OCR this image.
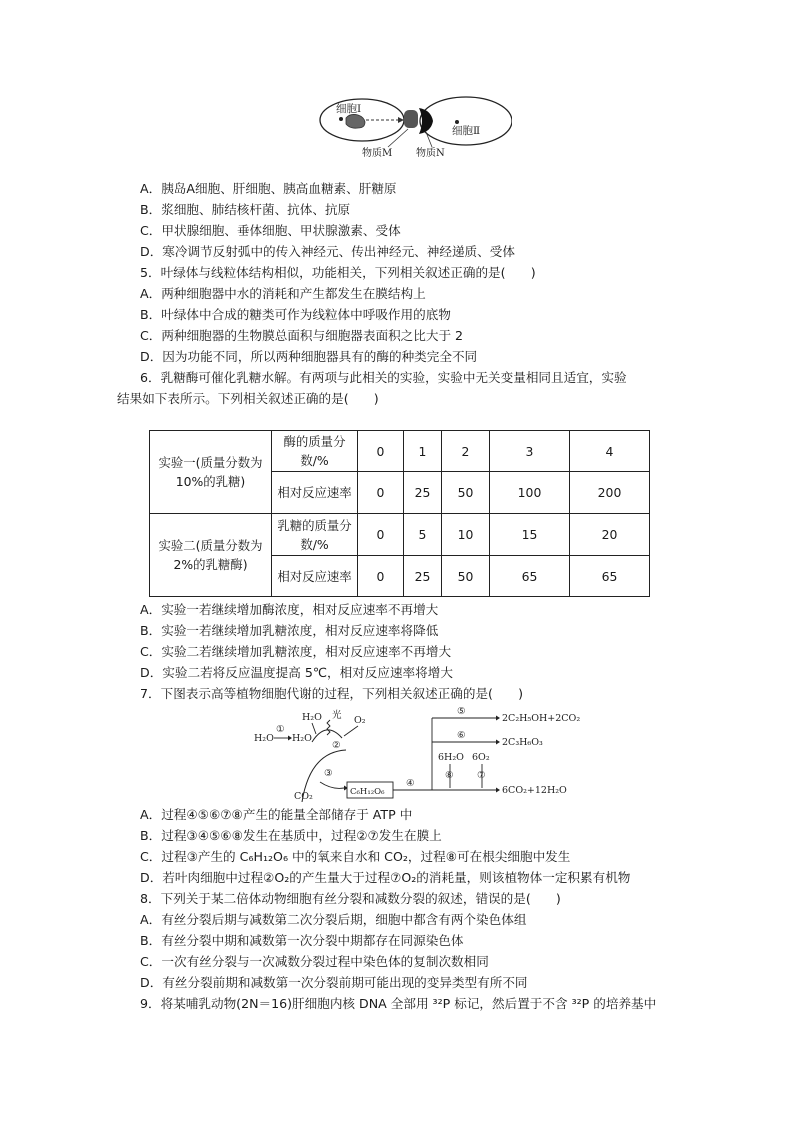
细胞Ⅰ
细胞Ⅱ
物质M 物质N
A．胰岛A细胞、肝细胞、胰高血糖素、肝糖原
B．浆细胞、肺结核杆菌、抗体、抗原
C．甲状腺细胞、垂体细胞、甲状腺激素、受体
D．寒冷调节反射弧中的传入神经元、传出神经元、神经递质、受体
5．叶绿体与线粒体结构相似，功能相关，下列相关叙述正确的是(　　)
A．两种细胞器中水的消耗和产生都发生在膜结构上
B．叶绿体中合成的糖类可作为线粒体中呼吸作用的底物
C．两种细胞器的生物膜总面积与细胞器表面积之比大于 2
D．因为功能不同，所以两种细胞器具有的酶的种类完全不同
6．乳糖酶可催化乳糖水解。有两项与此相关的实验，实验中无关变量相同且适宜，实验
结果如下表所示。下列相关叙述正确的是(　　)
实验一(质量分数为 10%的乳糖)	酶的质量分数/%	0	1	2	3	4
	相对反应速率	0	25	50	100	200
实验二(质量分数为 2%的乳糖酶)	乳糖的质量分数/%	0	5	10	15	20
	相对反应速率	0	25	50	65	65
A．实验一若继续增加酶浓度，相对反应速率不再增大
B．实验一若继续增加乳糖浓度，相对反应速率将降低
C．实验二若继续增加乳糖浓度，相对反应速率不再增大
D．实验二若将反应温度提高 5℃，相对反应速率将增大
7．下图表示高等植物细胞代谢的过程，下列相关叙述正确的是(　　)
H₂O
①
H₂O
H₂O 光
②
O₂
③
CO₂	C₆H₁₂O₆
④
⑤
2C₂H₅OH+2CO₂
⑥
2C₃H₆O₃
6H₂O
⑧
6O₂
⑦
6CO₂+12H₂O
A．过程④⑤⑥⑦⑧产生的能量全部储存于 ATP 中
B．过程③④⑤⑥⑧发生在基质中，过程②⑦发生在膜上
C．过程③产生的 C₆H₁₂O₆ 中的氧来自水和 CO₂，过程⑧可在根尖细胞中发生
D．若叶肉细胞中过程②O₂的产生量大于过程⑦O₂的消耗量，则该植物体一定积累有机物
8．下列关于某二倍体动物细胞有丝分裂和减数分裂的叙述，错误的是(　　)
A．有丝分裂后期与减数第二次分裂后期，细胞中都含有两个染色体组
B．有丝分裂中期和减数第一次分裂中期都存在同源染色体
C．一次有丝分裂与一次减数分裂过程中染色体的复制次数相同
D．有丝分裂前期和减数第一次分裂前期可能出现的变异类型有所不同
9．将某哺乳动物(2N＝16)肝细胞内核 DNA 全部用 ³²P 标记，然后置于不含 ³²P 的培养基中
